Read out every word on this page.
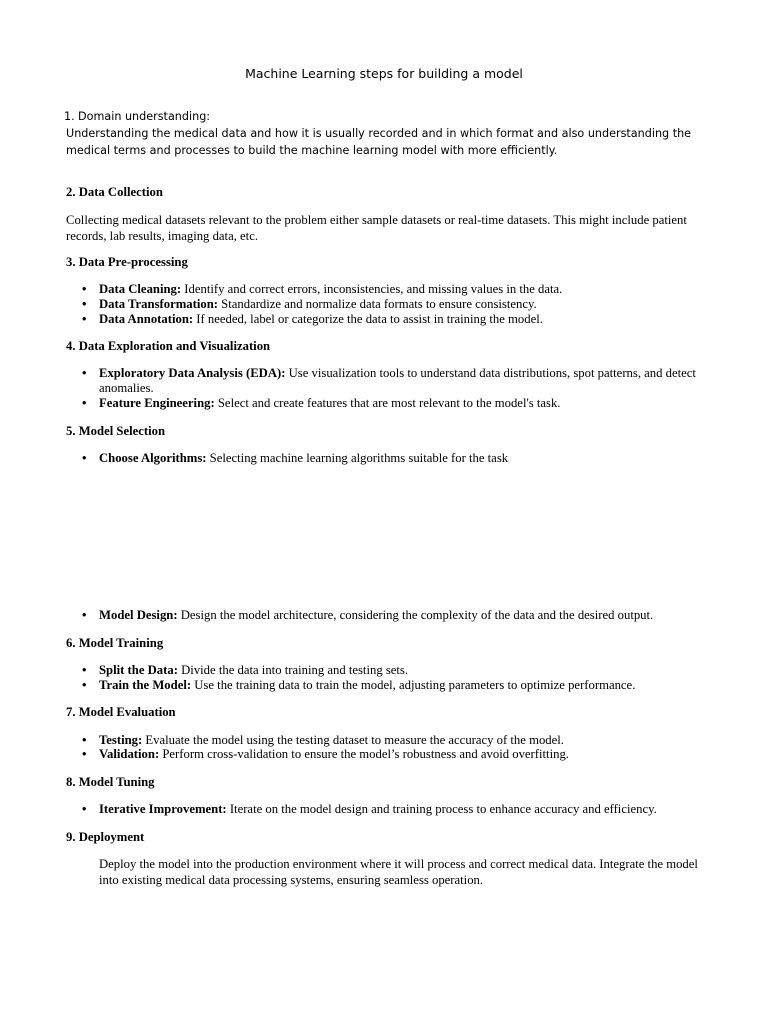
Machine Learning steps for building a model
1. Domain understanding:
Understanding the medical data and how it is usually recorded and in which format and also understanding the medical terms and processes to build the machine learning model with more efficiently.
2. Data Collection
Collecting medical datasets relevant to the problem either sample datasets or real-time datasets. This might include patient records, lab results, imaging data, etc.
3. Data Pre-processing
• Data Cleaning: Identify and correct errors, inconsistencies, and missing values in the data.
• Data Transformation: Standardize and normalize data formats to ensure consistency.
• Data Annotation: If needed, label or categorize the data to assist in training the model.
4. Data Exploration and Visualization
• Exploratory Data Analysis (EDA): Use visualization tools to understand data distributions, spot patterns, and detect anomalies.
• Feature Engineering: Select and create features that are most relevant to the model's task.
5. Model Selection
• Choose Algorithms: Selecting machine learning algorithms suitable for the task
• Model Design: Design the model architecture, considering the complexity of the data and the desired output.
6. Model Training
• Split the Data: Divide the data into training and testing sets.
• Train the Model: Use the training data to train the model, adjusting parameters to optimize performance.
7. Model Evaluation
• Testing: Evaluate the model using the testing dataset to measure the accuracy of the model.
• Validation: Perform cross-validation to ensure the model’s robustness and avoid overfitting.
8. Model Tuning
• Iterative Improvement: Iterate on the model design and training process to enhance accuracy and efficiency.
9. Deployment
Deploy the model into the production environment where it will process and correct medical data. Integrate the model into existing medical data processing systems, ensuring seamless operation.
